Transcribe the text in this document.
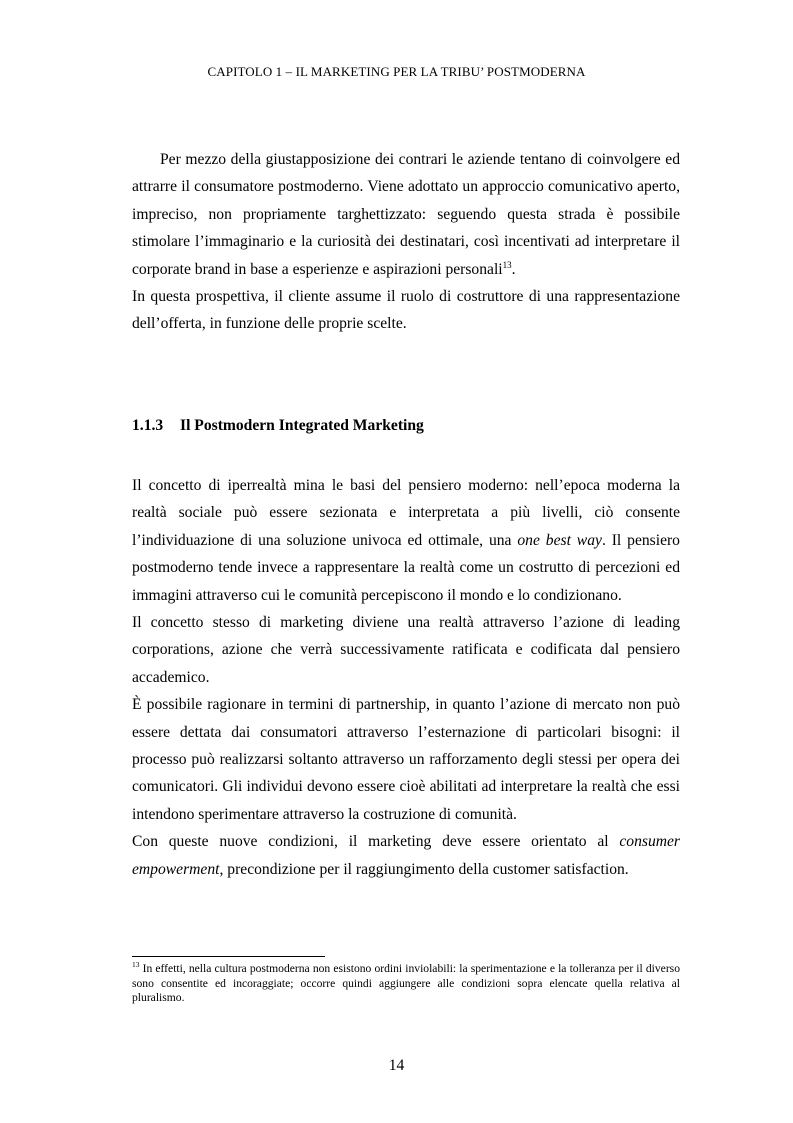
CAPITOLO 1 – IL MARKETING PER LA TRIBU’ POSTMODERNA

Per mezzo della giustapposizione dei contrari le aziende tentano di coinvolgere ed attrarre il consumatore postmoderno. Viene adottato un approccio comunicativo aperto, impreciso, non propriamente targhettizzato: seguendo questa strada è possibile stimolare l’immaginario e la curiosità dei destinatari, così incentivati ad interpretare il corporate brand in base a esperienze e aspirazioni personali$^{13}$.

In questa prospettiva, il cliente assume il ruolo di costruttore di una rappresentazione dell’offerta, in funzione delle proprie scelte.

1.1.3 Il Postmodern Integrated Marketing

Il concetto di iperrealtà mina le basi del pensiero moderno: nell’epoca moderna la realtà sociale può essere sezionata e interpretata a più livelli, ciò consente l’individuazione di una soluzione univoca ed ottimale, una one best way. Il pensiero postmoderno tende invece a rappresentare la realtà come un costrutto di percezioni ed immagini attraverso cui le comunità percepiscono il mondo e lo condizionano.

Il concetto stesso di marketing diviene una realtà attraverso l’azione di leading corporations, azione che verrà successivamente ratificata e codificata dal pensiero accademico.

È possibile ragionare in termini di partnership, in quanto l’azione di mercato non può essere dettata dai consumatori attraverso l’esternazione di particolari bisogni: il processo può realizzarsi soltanto attraverso un rafforzamento degli stessi per opera dei comunicatori. Gli individui devono essere cioè abilitati ad interpretare la realtà che essi intendono sperimentare attraverso la costruzione di comunità.

Con queste nuove condizioni, il marketing deve essere orientato al consumer empowerment, precondizione per il raggiungimento della customer satisfaction.

$^{13}$ In effetti, nella cultura postmoderna non esistono ordini inviolabili: la sperimentazione e la tolleranza per il diverso sono consentite ed incoraggiate; occorre quindi aggiungere alle condizioni sopra elencate quella relativa al pluralismo.
14
